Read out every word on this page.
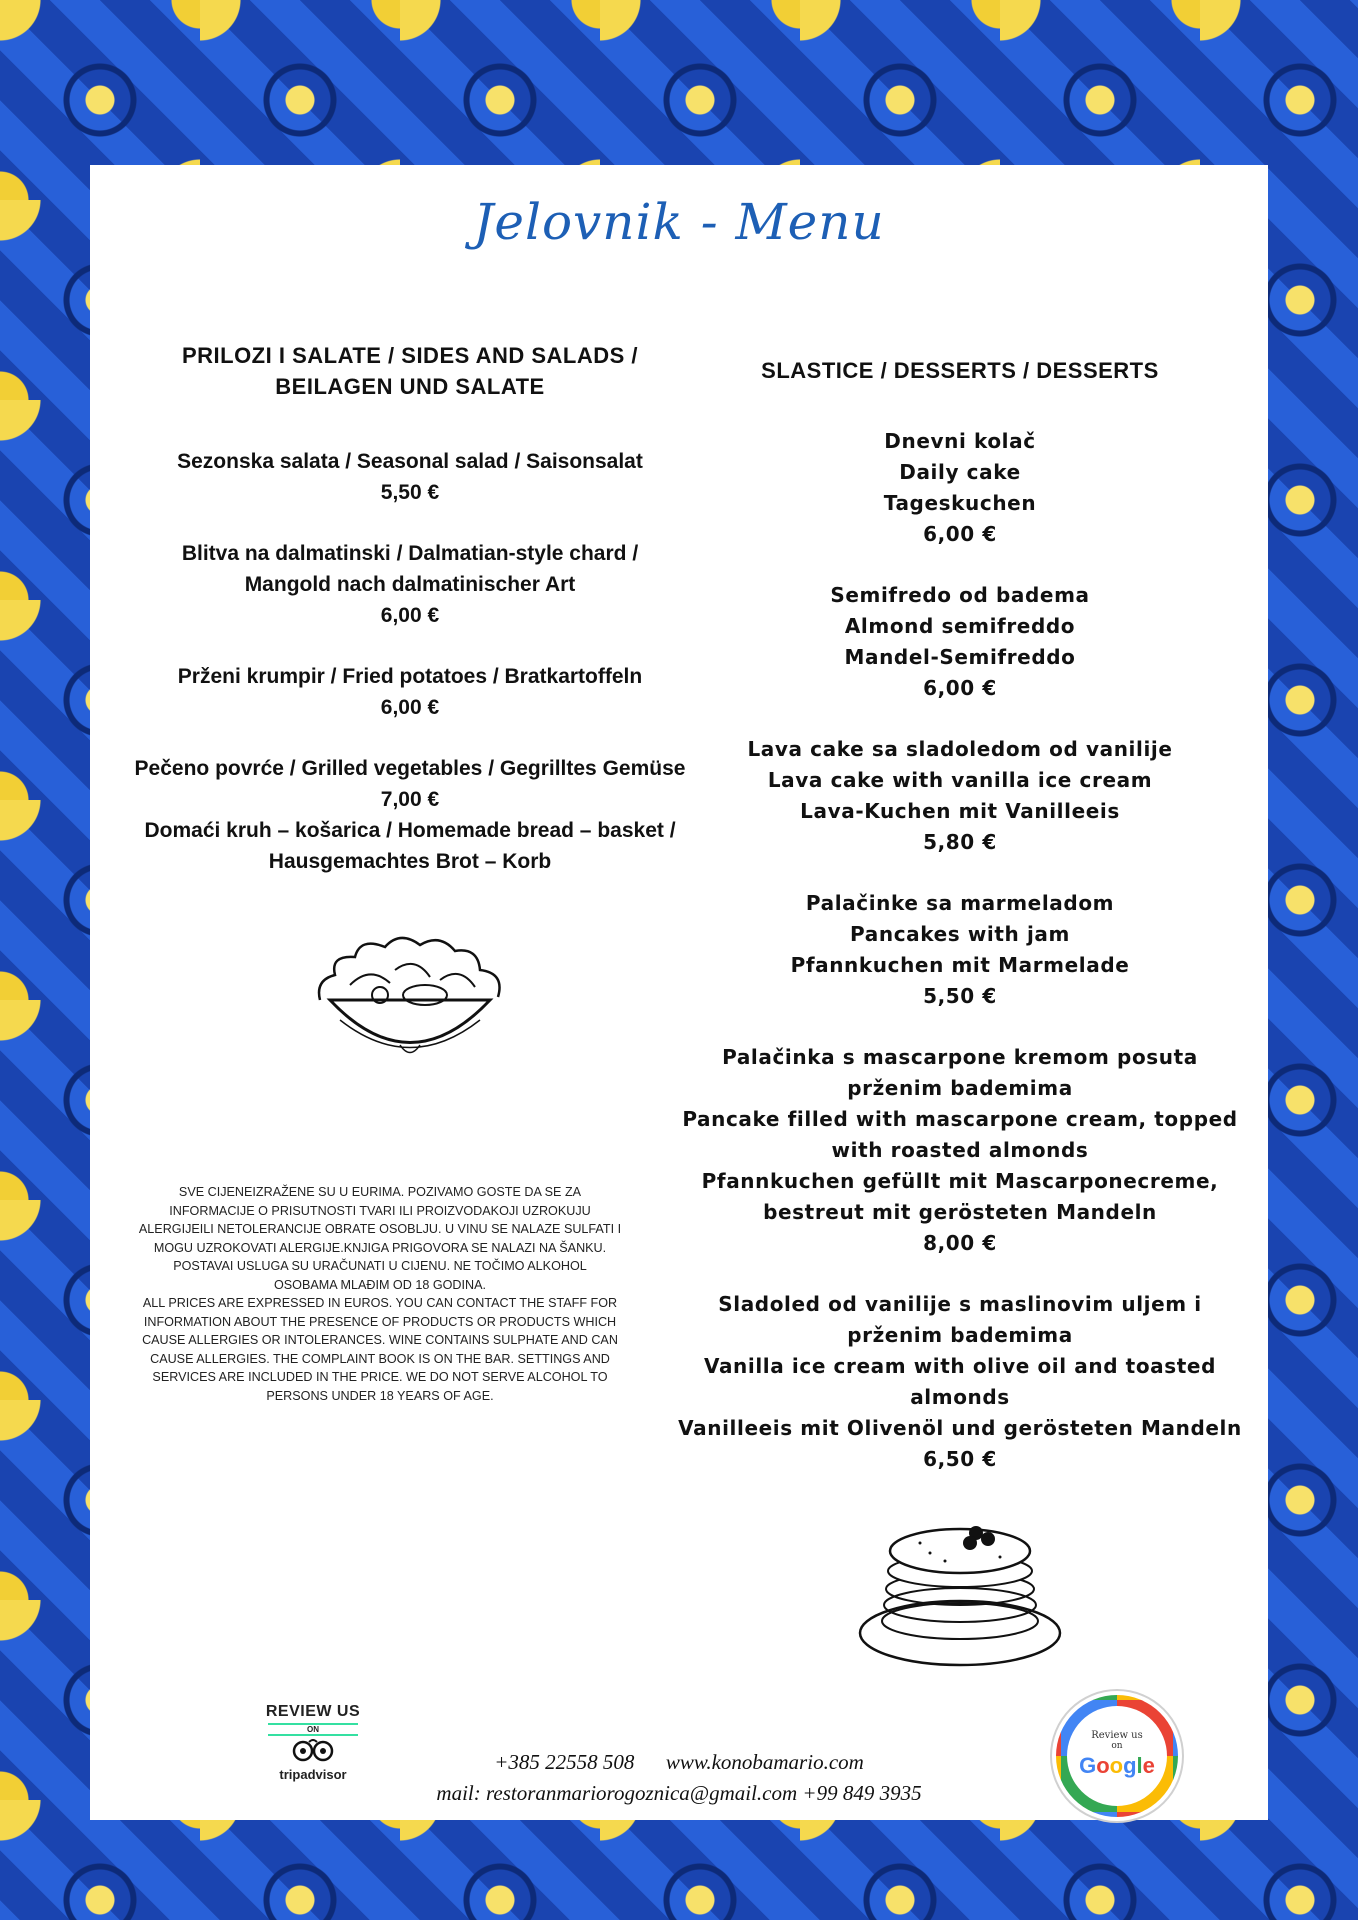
Jelovnik - Menu
PRILOZI I SALATE / SIDES AND SALADS /
BEILAGEN UND SALATE
Sezonska salata / Seasonal salad / Saisonsalat
5,50 €
Blitva na dalmatinski / Dalmatian-style chard /
Mangold nach dalmatinischer Art
6,00 €
Prženi krumpir / Fried potatoes / Bratkartoffeln
6,00 €
Pečeno povrće / Grilled vegetables / Gegrilltes Gemüse
7,00 €
Domaći kruh – košarica / Homemade bread – basket /
Hausgemachtes Brot – Korb
SVE CIJENEIZRAŽENE SU U EURIMA. POZIVAMO GOSTE DA SE ZA
INFORMACIJE O PRISUTNOSTI TVARI ILI PROIZVODAKOJI UZROKUJU
ALERGIJEILI NETOLERANCIJE OBRATE OSOBLJU. U VINU SE NALAZE SULFATI I
MOGU UZROKOVATI ALERGIJE.KNJIGA PRIGOVORA SE NALAZI NA ŠANKU.
POSTAVAI USLUGA SU URAČUNATI U CIJENU. NE TOČIMO ALKOHOL
OSOBAMA MLAĐIM OD 18 GODINA.
ALL PRICES ARE EXPRESSED IN EUROS. YOU CAN CONTACT THE STAFF FOR
INFORMATION ABOUT THE PRESENCE OF PRODUCTS OR PRODUCTS WHICH
CAUSE ALLERGIES OR INTOLERANCES. WINE CONTAINS SULPHATE AND CAN
CAUSE ALLERGIES. THE COMPLAINT BOOK IS ON THE BAR. SETTINGS AND
SERVICES ARE INCLUDED IN THE PRICE. WE DO NOT SERVE ALCOHOL TO
PERSONS UNDER 18 YEARS OF AGE.
SLASTICE / DESSERTS / DESSERTS
Dnevni kolač
Daily cake
Tageskuchen
6,00 €
Semifredo od badema
Almond semifreddo
Mandel-Semifreddo
6,00 €
Lava cake sa sladoledom od vanilije
Lava cake with vanilla ice cream
Lava-Kuchen mit Vanilleeis
5,80 €
Palačinke sa marmeladom
Pancakes with jam
Pfannkuchen mit Marmelade
5,50 €
Palačinka s mascarpone kremom posuta
prženim bademima
Pancake filled with mascarpone cream, topped
with roasted almonds
Pfannkuchen gefüllt mit Mascarponecreme,
bestreut mit gerösteten Mandeln
8,00 €
Sladoled od vanilije s maslinovim uljem i
prženim bademima
Vanilla ice cream with olive oil and toasted
almonds
Vanilleeis mit Olivenöl und gerösteten Mandeln
6,50 €
REVIEW US
ON
tripadvisor
+385 22558 508      www.konobamario.com
mail: restoranmariorogoznica@gmail.com +99 849 3935
Review us
on
Google
